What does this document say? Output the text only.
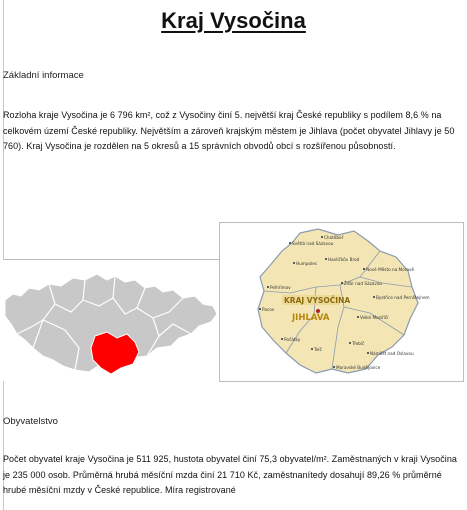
Kraj Vysočina
Základní informace

Rozloha kraje Vysočina je 6 796 km², což z Vysočiny činí 5. největší kraj České republiky s podílem 8,6 % na celkovém území České republiky. Největším a zároveň krajským městem je Jihlava (počet obyvatel Jihlavy je 50 760). Kraj Vysočina je rozdělen na 5 okresů a 15 správních obvodů obcí s rozšířenou působností.

KRAJ VYSOČINA
JIHLAVA
Chotěboř
Světlá nad Sázavou
Humpolec
Havlíčkův Brod
Nové Město na Moravě
Žďár nad Sázavou
Pelhřimov
Bystřice nad Pernštejnem
Pacov
Velké Meziříčí
Třebíč
Telč
Náměšť nad Oslavou
Moravské Budějovice
Počátky
Obyvatelstvo

Počet obyvatel kraje Vysočina je 511 925, hustota obyvatel činí 75,3 obyvatel/m². Zaměstnaných v kraji Vysočina je 235 000 osob. Průměrná hrubá měsíční mzda činí 21 710 Kč, zaměstnanítedy dosahují 89,26 % průměrné hrubé měsíční mzdy v České republice. Míra registrované
